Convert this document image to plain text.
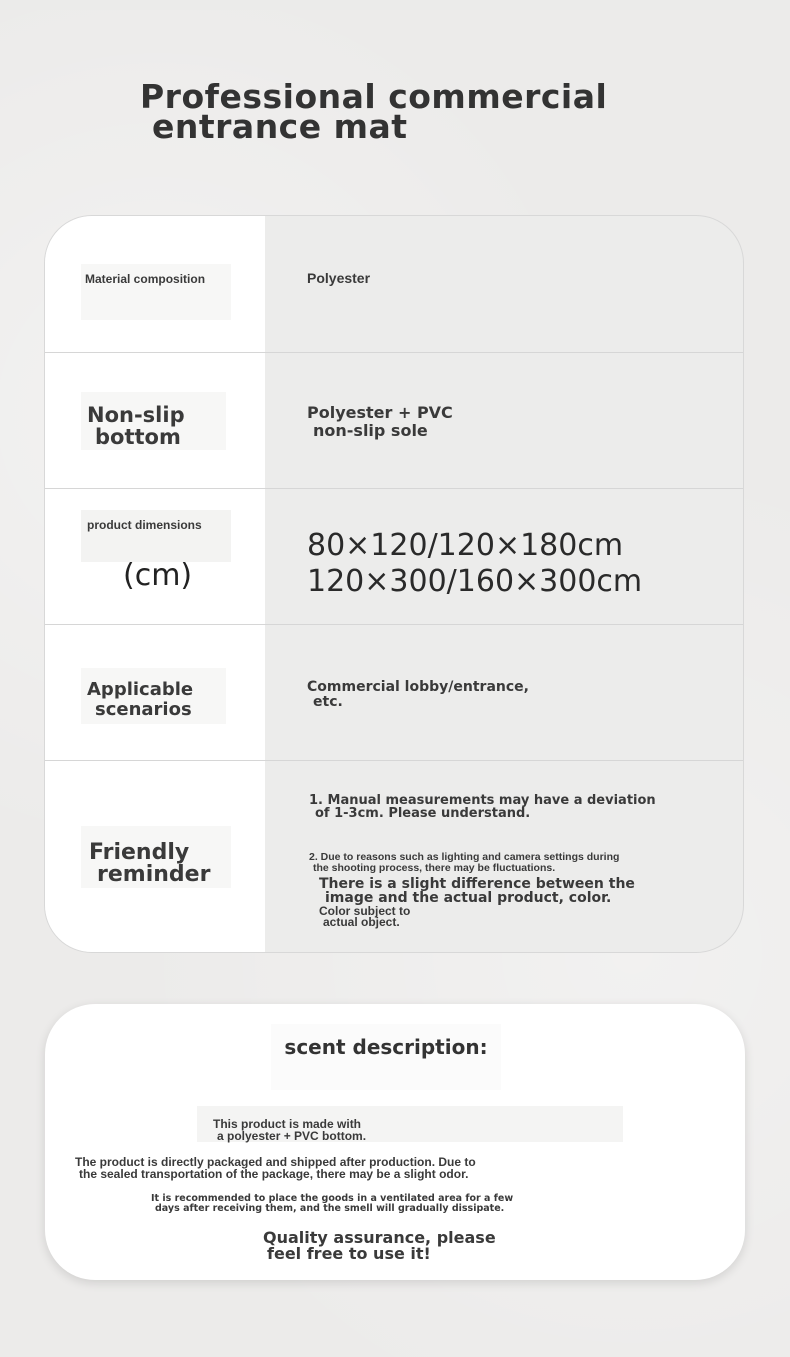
Professional commercial
entrance mat
Material composition	Polyester
Non-slip
bottom
Polyester + PVC
non-slip sole
product dimensions
(cm)
80×120/120×180cm
120×300/160×300cm
Applicable
scenarios
Commercial lobby/entrance,
etc.
Friendly
reminder
1. Manual measurements may have a deviation
of 1-3cm. Please understand.
2. Due to reasons such as lighting and camera settings during
the shooting process, there may be fluctuations.
There is a slight difference between the
image and the actual product, color.
Color subject to
actual object.
scent description:
This product is made with
a polyester + PVC bottom.
The product is directly packaged and shipped after production. Due to
the sealed transportation of the package, there may be a slight odor.
It is recommended to place the goods in a ventilated area for a few
days after receiving them, and the smell will gradually dissipate.
Quality assurance, please
feel free to use it!
